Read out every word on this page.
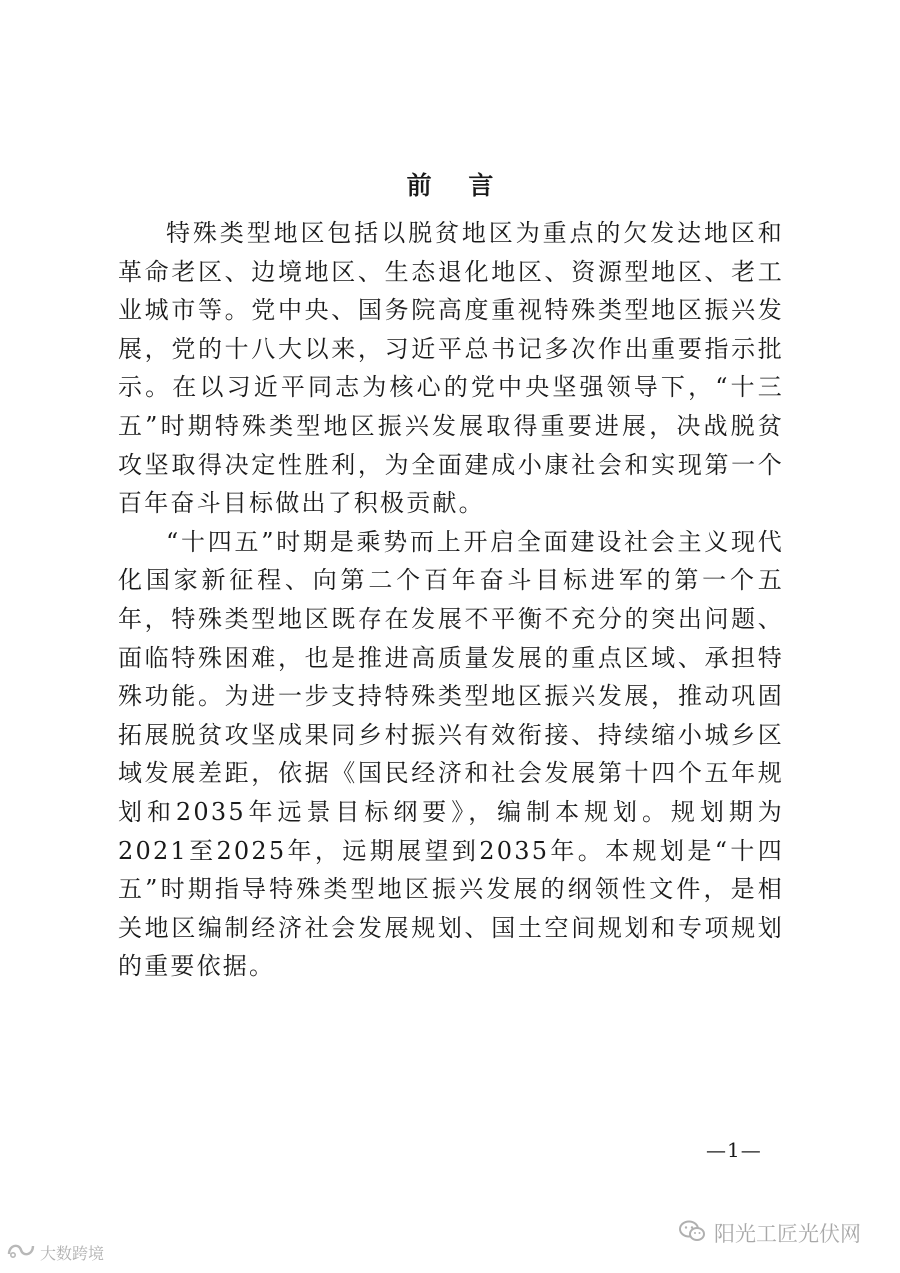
前 言

特殊类型地区包括以脱贫地区为重点的欠发达地区和革命老区、边境地区、生态退化地区、资源型地区、老工业城市等。党中央、国务院高度重视特殊类型地区振兴发展，党的十八大以来，习近平总书记多次作出重要指示批示。在以习近平同志为核心的党中央坚强领导下，“十三五”时期特殊类型地区振兴发展取得重要进展，决战脱贫攻坚取得决定性胜利，为全面建成小康社会和实现第一个百年奋斗目标做出了积极贡献。

“十四五”时期是乘势而上开启全面建设社会主义现代化国家新征程、向第二个百年奋斗目标进军的第一个五年，特殊类型地区既存在发展不平衡不充分的突出问题、面临特殊困难，也是推进高质量发展的重点区域、承担特殊功能。为进一步支持特殊类型地区振兴发展，推动巩固拓展脱贫攻坚成果同乡村振兴有效衔接、持续缩小城乡区域发展差距，依据《国民经济和社会发展第十四个五年规划和2035年远景目标纲要》，编制本规划。规划期为2021至2025年，远期展望到2035年。本规划是“十四五”时期指导特殊类型地区振兴发展的纲领性文件，是相关地区编制经济社会发展规划、国土空间规划和专项规划的重要依据。

—1—
阳光工匠光伏网
大数跨境
